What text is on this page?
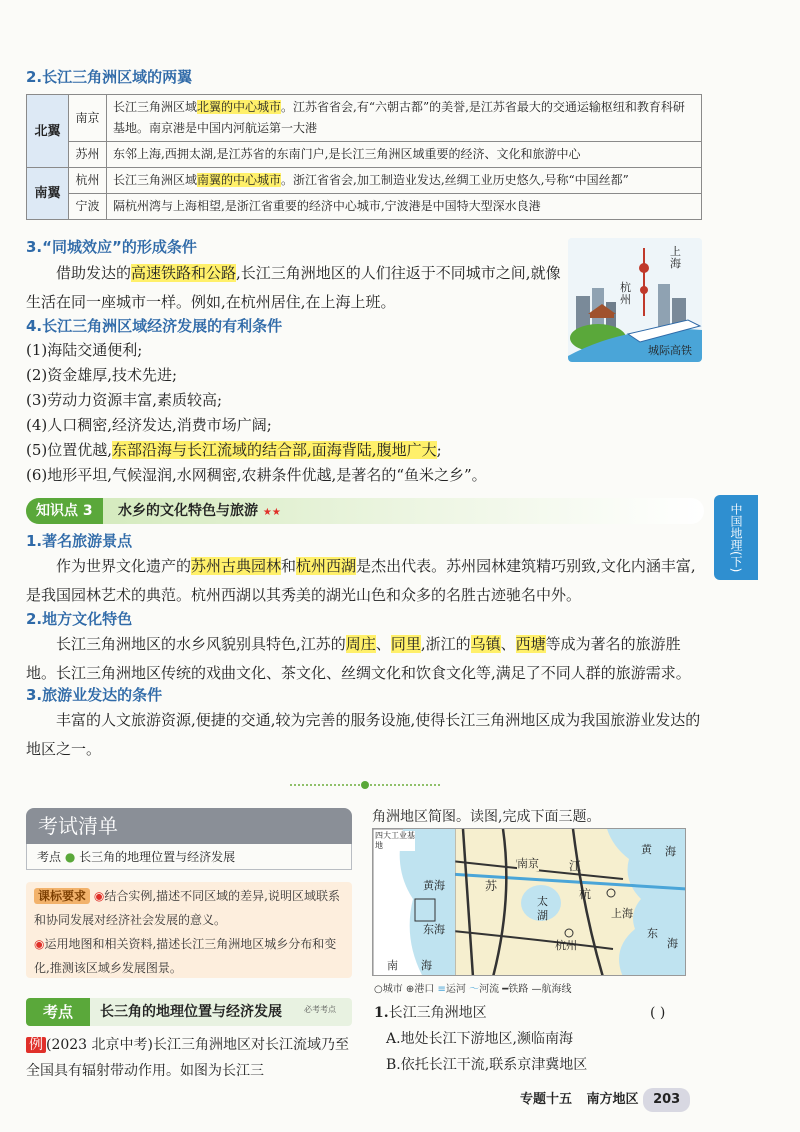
2.长江三角洲区域的两翼
北翼	南京	长江三角洲区域北翼的中心城市。江苏省省会,有“六朝古都”的美誉,是江苏省最大的交通运输枢纽和教育科研基地。南京港是中国内河航运第一大港
	苏州	东邻上海,西拥太湖,是江苏省的东南门户,是长江三角洲区域重要的经济、文化和旅游中心
南翼	杭州	长江三角洲区域南翼的中心城市。浙江省省会,加工制造业发达,丝绸工业历史悠久,号称“中国丝都”
	宁波	隔杭州湾与上海相望,是浙江省重要的经济中心城市,宁波港是中国特大型深水良港
3.“同城效应”的形成条件
借助发达的高速铁路和公路,长江三角洲地区的人们往返于不同城市之间,就像生活在同一座城市一样。例如,在杭州居住,在上海上班。
上海
杭州
城际高铁
4.长江三角洲区域经济发展的有利条件

(1)海陆交通便利;

(2)资金雄厚,技术先进;

(3)劳动力资源丰富,素质较高;

(4)人口稠密,经济发达,消费市场广阔;

(5)位置优越,东部沿海与长江流域的结合部,面海背陆,腹地广大;

(6)地形平坦,气候湿润,水网稠密,农耕条件优越,是著名的“鱼米之乡”。

知识点 3	水乡的文化特色与旅游 ★★	中国地理(下)
1.著名旅游景点
作为世界文化遗产的苏州古典园林和杭州西湖是杰出代表。苏州园林建筑精巧别致,文化内涵丰富,是我国园林艺术的典范。杭州西湖以其秀美的湖光山色和众多的名胜古迹驰名中外。
2.地方文化特色
长江三角洲地区的水乡风貌别具特色,江苏的周庄、同里,浙江的乌镇、西塘等成为著名的旅游胜地。长江三角洲地区传统的戏曲文化、茶文化、丝绸文化和饮食文化等,满足了不同人群的旅游需求。
3.旅游业发达的条件
丰富的人文旅游资源,便捷的交通,较为完善的服务设施,使得长江三角洲地区成为我国旅游业发达的地区之一。
考试清单
考点 ● 长三角的地理位置与经济发展
课标要求 ◉结合实例,描述不同区域的差异,说明区域联系和协同发展对经济社会发展的意义。
◉运用地图和相关资料,描述长江三角洲地区城乡分布和变化,推测该区域乡发展图景。
考点	长三角的地理位置与经济发展	必考考点
例 (2023 北京中考)长江三角洲地区对长江流域乃至全国具有辐射带动作用。如图为长江三
角洲地区简图。读图,完成下面三题。
四大工业基地
黄海
黄 海
东海
南京	江
苏
杭
太
湖	上海
杭州
东
海
南 海
○城市 ⊕港口 ≡运河 〜河流 ━铁路 —航海线
1.长江三角洲地区	( )
A.地处长江下游地区,濒临南海
B.依托长江干流,联系京津冀地区
专题十五 南方地区 203
